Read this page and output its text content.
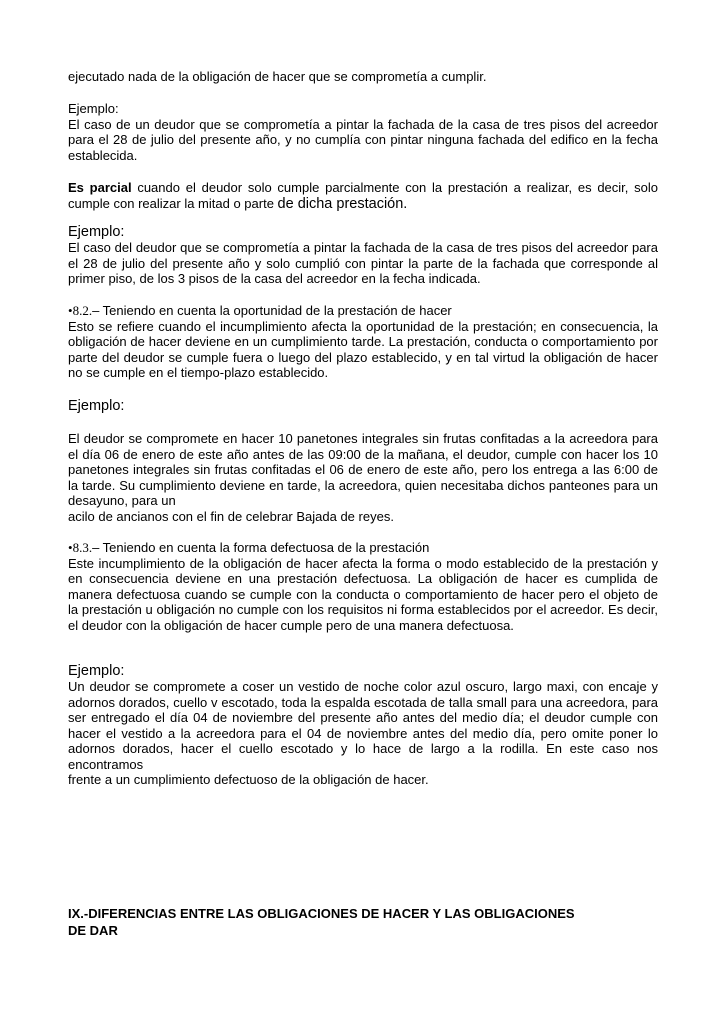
ejecutado nada de la obligación de hacer que se comprometía a cumplir.

Ejemplo:
El caso de un deudor que se comprometía a pintar la fachada de la casa de tres pisos del acreedor para el 28 de julio del presente año, y no cumplía con pintar ninguna fachada del edifico en la fecha establecida.
Es parcial cuando el deudor solo cumple parcialmente con la prestación a realizar, es decir, solo cumple con realizar la mitad o parte de dicha prestación.
Ejemplo:
El caso del deudor que se comprometía a pintar la fachada de la casa de tres pisos del acreedor para el 28 de julio del presente año y solo cumplió con pintar la parte de la fachada que corresponde al primer piso, de los 3 pisos de la casa del acreedor en la fecha indicada.
•8.2.– Teniendo en cuenta la oportunidad de la prestación de hacer
Esto se refiere cuando el incumplimiento afecta la oportunidad de la prestación; en consecuencia, la obligación de hacer deviene en un cumplimiento tarde. La prestación, conducta o comportamiento por parte del deudor se cumple fuera o luego del plazo establecido, y en tal virtud la obligación de hacer no se cumple en el tiempo-plazo establecido.
Ejemplo:
El deudor se compromete en hacer 10 panetones integrales sin frutas confitadas a la acreedora para el día 06 de enero de este año antes de las 09:00 de la mañana, el deudor, cumple con hacer los 10 panetones integrales sin frutas confitadas el 06 de enero de este año, pero los entrega a las 6:00 de la tarde. Su cumplimiento deviene en tarde, la acreedora, quien necesitaba dichos panteones para un desayuno, para un
acilo de ancianos con el fin de celebrar Bajada de reyes.
•8.3.– Teniendo en cuenta la forma defectuosa de la prestación
Este incumplimiento de la obligación de hacer afecta la forma o modo establecido de la prestación y en consecuencia deviene en una prestación defectuosa. La obligación de hacer es cumplida de manera defectuosa cuando se cumple con la conducta o comportamiento de hacer pero el objeto de la prestación u obligación no cumple con los requisitos ni forma establecidos por el acreedor. Es decir, el deudor con la obligación de hacer cumple pero de una manera defectuosa.
Ejemplo:
Un deudor se compromete a coser un vestido de noche color azul oscuro, largo maxi, con encaje y adornos dorados, cuello v escotado, toda la espalda escotada de talla small para una acreedora, para ser entregado el día 04 de noviembre del presente año antes del medio día; el deudor cumple con hacer el vestido a la acreedora para el 04 de noviembre antes del medio día, pero omite poner lo adornos dorados, hacer el cuello escotado y lo hace de largo a la rodilla. En este caso nos encontramos
frente a un cumplimiento defectuoso de la obligación de hacer.
IX.-DIFERENCIAS ENTRE LAS OBLIGACIONES DE HACER Y LAS OBLIGACIONES
DE DAR
